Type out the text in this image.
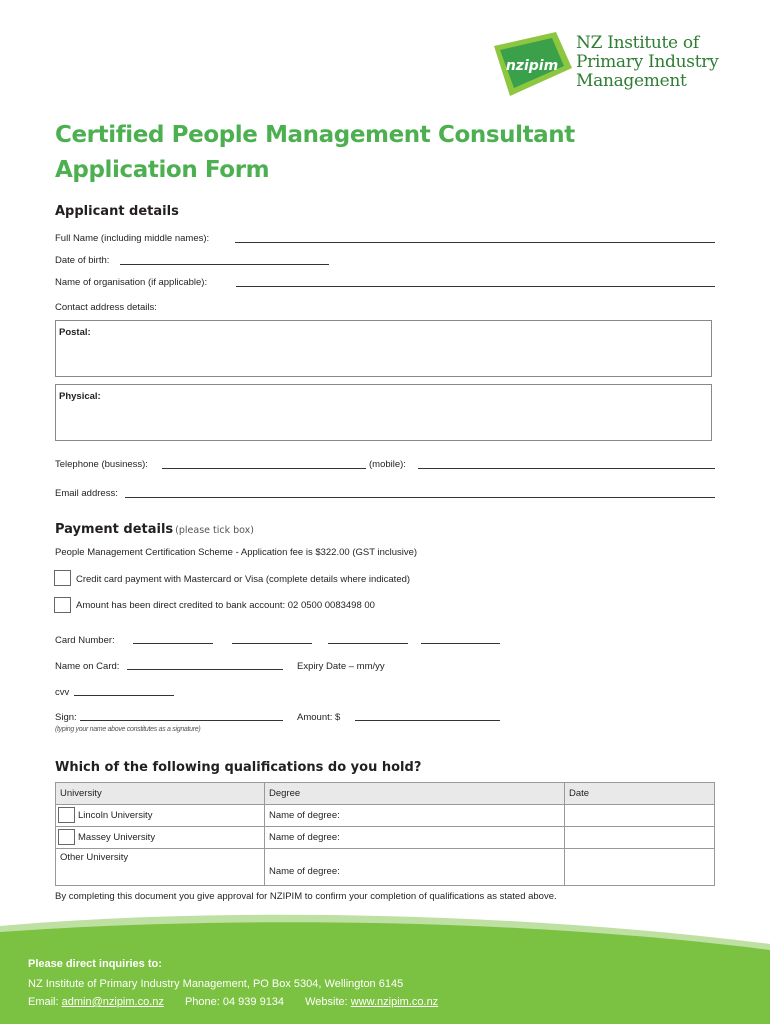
nzipim
NZ Institute of
Primary Industry
Management
Certified People Management Consultant
Application Form
Applicant details
Full Name (including middle names):
Date of birth:
Name of organisation (if applicable):
Contact address details:
Postal:
Physical:
Telephone (business):	(mobile):
Email address:
Payment details (please tick box)
People Management Certification Scheme - Application fee is $322.00 (GST inclusive)
Credit card payment with Mastercard or Visa (complete details where indicated)
Amount has been direct credited to bank account: 02 0500 0083498 00
Card Number:
Name on Card:	Expiry Date – mm/yy
cvv
Sign:	Amount: $
(typing your name above constitutes as a signature)
Which of the following qualifications do you hold?
University	Degree	Date

Lincoln University	Name of degree:	

Massey University	Name of degree:	
Other University	Name of degree:	
By completing this document you give approval for NZIPIM to confirm your completion of qualifications as stated above.
Please direct inquiries to:
NZ Institute of Primary Industry Management, PO Box 5304, Wellington 6145
Email: admin@nzipim.co.nz Phone: 04 939 9134 Website: www.nzipim.co.nz
